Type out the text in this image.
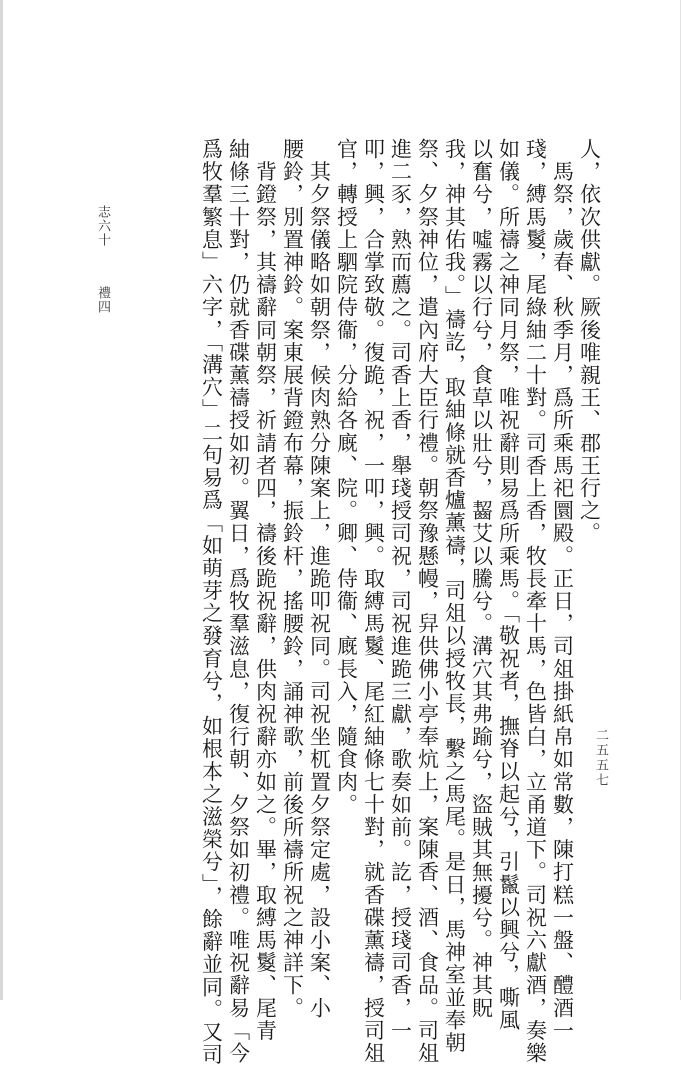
志六十
禮四
二五五七
人，依次供獻。厥後唯親王、郡王行之。
　馬祭，歲春、秋季月，爲所乘馬祀圜殿。正日，司俎掛紙帛如常數，陳打糕一盤、醴酒一
琖，縛馬鬉，尾綠紬二十對。司香上香，牧長牽十馬，色皆白，立甬道下。司祝六獻酒，奏樂
如儀。所禱之神同月祭，唯祝辭則易爲所乘馬。「敬祝者，撫脊以起兮，引鬣以興兮，嘶風
以奮兮，噓霧以行兮，食草以壯兮，齧艾以騰兮。溝穴其弗踰兮，盜賊其無擾兮。神其貺
我，神其佑我。」禱訖，取紬條就香爐薰禱，司俎以授牧長，繫之馬尾。是日，馬神室並奉朝
祭、夕祭神位，遣內府大臣行禮。朝祭豫懸幔，舁供佛小亭奉炕上，案陳香、酒、食品。司俎
進二豕，熟而薦之。司香上香，舉琖授司祝，司祝進跪三獻，歌奏如前。訖，授琖司香，一
叩，興，合掌致敬。復跪，祝，一叩，興。取縛馬鬉、尾紅紬條七十對，就香碟薰禱，授司俎
官，轉授上駟院侍衞，分給各廐、院。卿、侍衞、廐長入，隨食肉。
　其夕祭儀略如朝祭，候肉熟分陳案上，進跪叩祝同。司祝坐杌置夕祭定處，設小案、小
腰鈴，別置神鈴。案東展背鐙布幕，振鈴杆，搖腰鈴，誦神歌，前後所禱所祝之神詳下。
　背鐙祭，其禱辭同朝祭，祈請者四，禱後跪祝辭，供肉祝辭亦如之。畢，取縛馬鬉、尾青
紬條三十對，仍就香碟薰禱授如初。翼日，爲牧羣滋息，復行朝、夕祭如初禮。唯祝辭易「今
爲牧羣繁息」六字，「溝穴」二句易爲「如萌芽之發育兮，如根本之滋榮兮」，餘辭並同。又司
